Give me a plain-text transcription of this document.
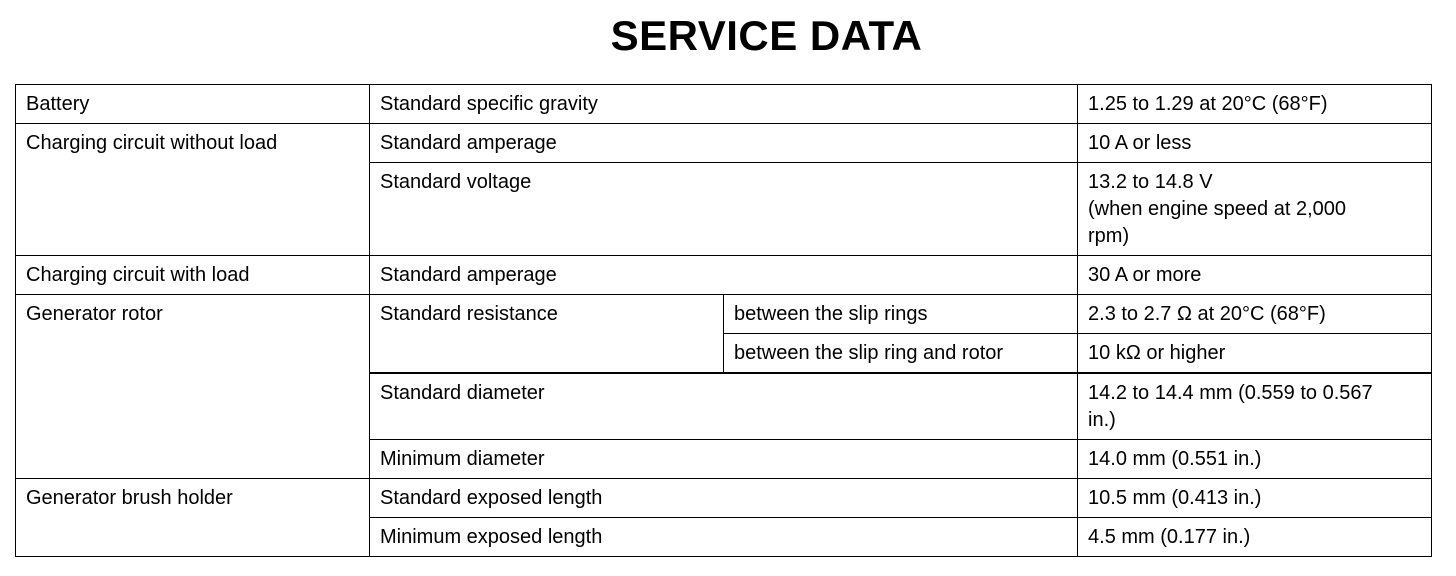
SERVICE DATA
Battery	Standard specific gravity		1.25 to 1.29 at 20°C (68°F)
Charging circuit without load	Standard amperage		10 A or less
	Standard voltage		13.2 to 14.8 V
(when engine speed at 2,000
rpm)

Charging circuit with load	Standard amperage		30 A or more
Generator rotor	Standard resistance	between the slip rings	2.3 to 2.7 Ω at 20°C (68°F)
		between the slip ring and rotor	10 kΩ or higher
	Standard diameter		14.2 to 14.4 mm (0.559 to 0.567
in.)

	Minimum diameter		14.0 mm (0.551 in.)
Generator brush holder	Standard exposed length		10.5 mm (0.413 in.)
	Minimum exposed length		4.5 mm (0.177 in.)
